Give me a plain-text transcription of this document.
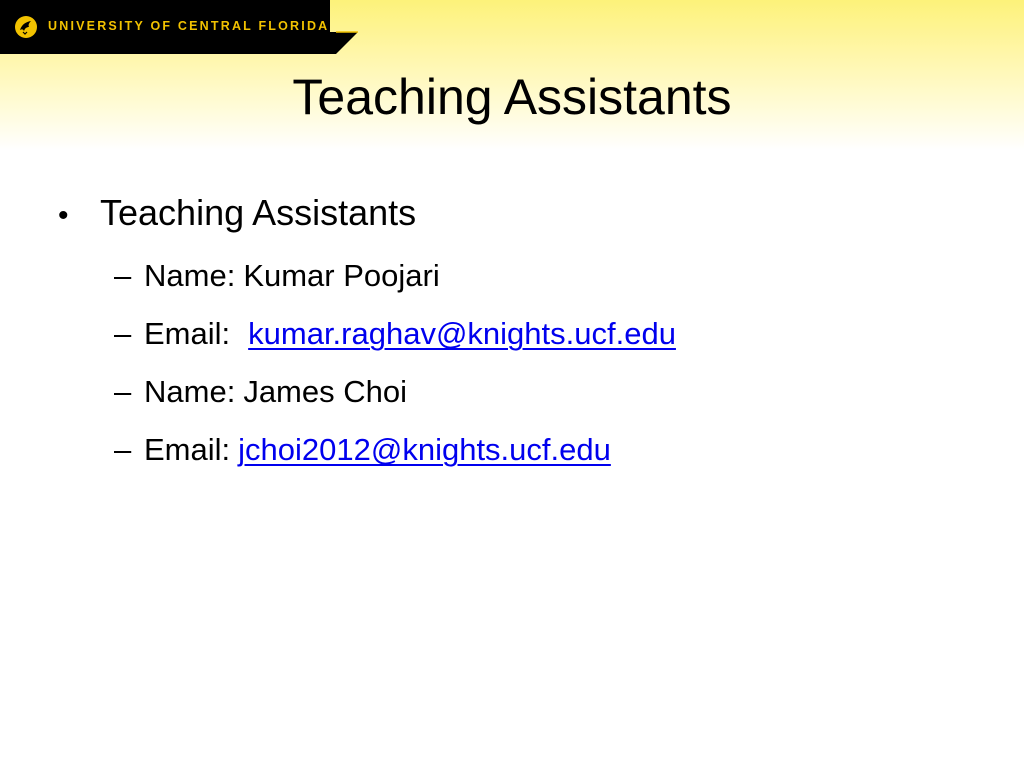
UNIVERSITY OF CENTRAL FLORIDA
Teaching Assistants
• Teaching Assistants
– Name: Kumar Poojari
– Email: kumar.raghav@knights.ucf.edu
– Name: James Choi
– Email: jchoi2012@knights.ucf.edu
